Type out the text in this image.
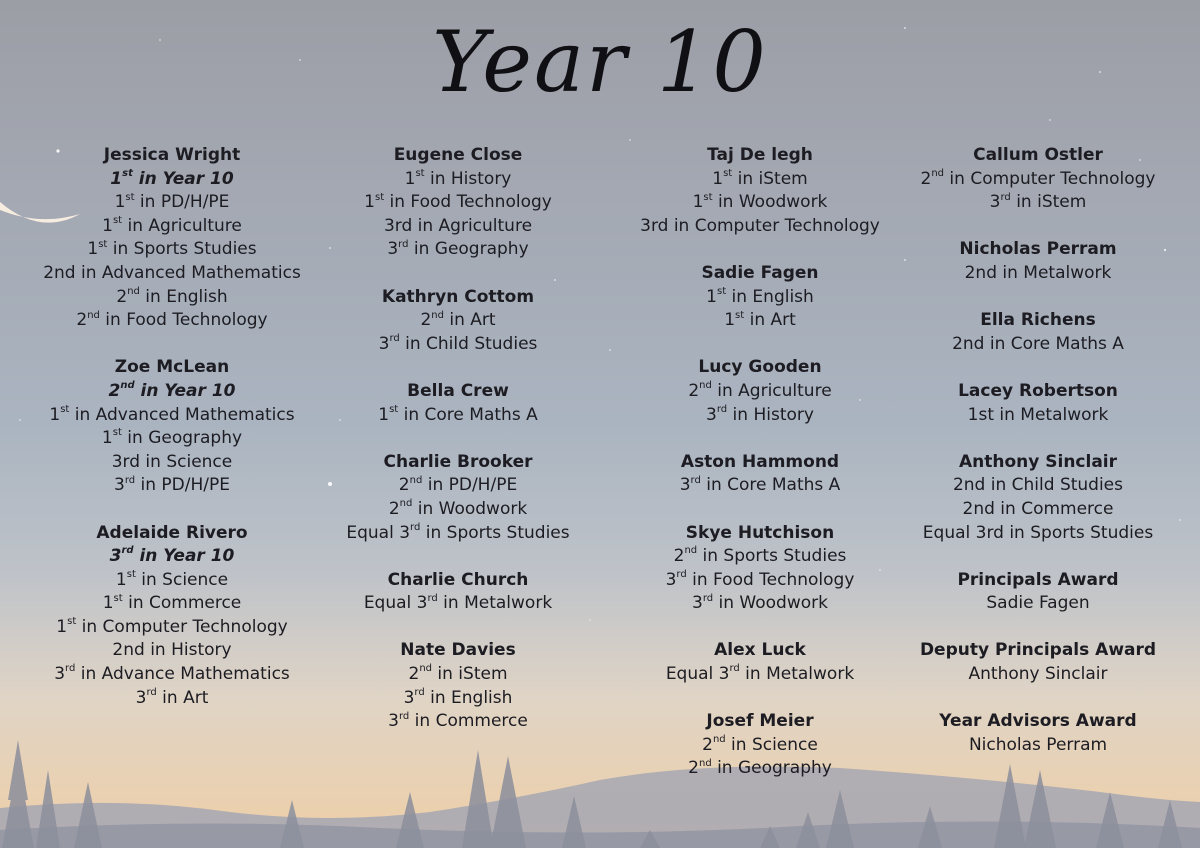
Year 10
Jessica Wright
1st in Year 10
1st in PD/H/PE
1st in Agriculture
1st in Sports Studies
2nd in Advanced Mathematics
2nd in English
2nd in Food Technology
Zoe McLean
2nd in Year 10
1st in Advanced Mathematics
1st in Geography
3rd in Science
3rd in PD/H/PE
Adelaide Rivero
3rd in Year 10
1st in Science
1st in Commerce
1st in Computer Technology
2nd in History
3rd in Advance Mathematics
3rd in Art
Eugene Close
1st in History
1st in Food Technology
3rd in Agriculture
3rd in Geography
Kathryn Cottom
2nd in Art
3rd in Child Studies
Bella Crew
1st in Core Maths A
Charlie Brooker
2nd in PD/H/PE
2nd in Woodwork
Equal 3rd in Sports Studies
Charlie Church
Equal 3rd in Metalwork
Nate Davies
2nd in iStem
3rd in English
3rd in Commerce
Taj De legh
1st in iStem
1st in Woodwork
3rd in Computer Technology
Sadie Fagen
1st in English
1st in Art
Lucy Gooden
2nd in Agriculture
3rd in History
Aston Hammond
3rd in Core Maths A
Skye Hutchison
2nd in Sports Studies
3rd in Food Technology
3rd in Woodwork
Alex Luck
Equal 3rd in Metalwork
Josef Meier
2nd in Science
2nd in Geography
Callum Ostler
2nd in Computer Technology
3rd in iStem
Nicholas Perram
2nd in Metalwork
Ella Richens
2nd in Core Maths A
Lacey Robertson
1st in Metalwork
Anthony Sinclair
2nd in Child Studies
2nd in Commerce
Equal 3rd in Sports Studies
Principals Award
Sadie Fagen
Deputy Principals Award
Anthony Sinclair
Year Advisors Award
Nicholas Perram
